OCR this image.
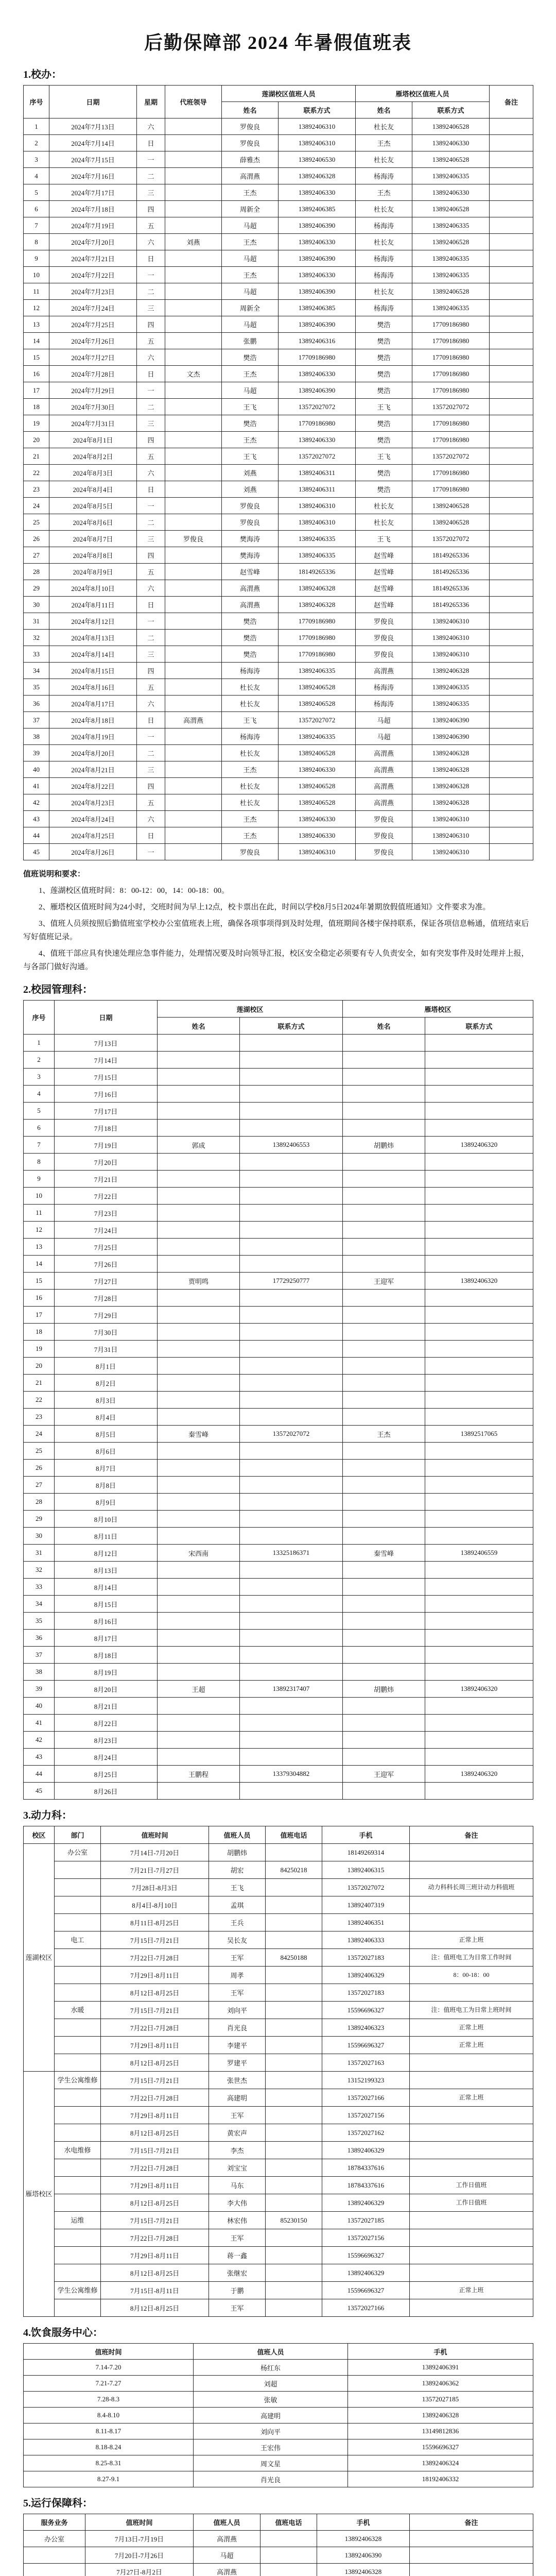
后勤保障部 2024 年暑假值班表
1.校办：
序号	日期	星期	代班领导	莲湖校区值班人员		雁塔校区值班人员		备注
				姓名	联系方式	姓名	联系方式	
1	2024年7月13日	六		罗俊良	13892406310	杜长友	13892406528	
2	2024年7月14日	日		罗俊良	13892406310	王杰	13892406330	
3	2024年7月15日	一		薛雅杰	13892406530	杜长友	13892406528	
4	2024年7月16日	二		高渭燕	13892406328	杨海涛	13892406335	
5	2024年7月17日	三		王杰	13892406330	王杰	13892406330	
6	2024年7月18日	四		周新全	13892406385	杜长友	13892406528	
7	2024年7月19日	五		马超	13892406390	杨海涛	13892406335	
8	2024年7月20日	六	刘燕	王杰	13892406330	杜长友	13892406528	
9	2024年7月21日	日		马超	13892406390	杨海涛	13892406335	
10	2024年7月22日	一		王杰	13892406330	杨海涛	13892406335	
11	2024年7月23日	二		马超	13892406390	杜长友	13892406528	
12	2024年7月24日	三		周新全	13892406385	杨海涛	13892406335	
13	2024年7月25日	四		马超	13892406390	樊浩	17709186980	
14	2024年7月26日	五		张鹏	13892406316	樊浩	17709186980	
15	2024年7月27日	六		樊浩	17709186980	樊浩	17709186980	
16	2024年7月28日	日	文杰	王杰	13892406330	樊浩	17709186980	
17	2024年7月29日	一		马超	13892406390	樊浩	17709186980	
18	2024年7月30日	二		王飞	13572027072	王飞	13572027072	
19	2024年7月31日	三		樊浩	17709186980	樊浩	17709186980	
20	2024年8月1日	四		王杰	13892406330	樊浩	17709186980	
21	2024年8月2日	五		王飞	13572027072	王飞	13572027072	
22	2024年8月3日	六		刘燕	13892406311	樊浩	17709186980	
23	2024年8月4日	日		刘燕	13892406311	樊浩	17709186980	
24	2024年8月5日	一		罗俊良	13892406310	杜长友	13892406528	
25	2024年8月6日	二		罗俊良	13892406310	杜长友	13892406528	
26	2024年8月7日	三	罗俊良	樊海涛	13892406335	王飞	13572027072	
27	2024年8月8日	四		樊海涛	13892406335	赵雪峰	18149265336	
28	2024年8月9日	五		赵雪峰	18149265336	赵雪峰	18149265336	
29	2024年8月10日	六		高渭燕	13892406328	赵雪峰	18149265336	
30	2024年8月11日	日		高渭燕	13892406328	赵雪峰	18149265336	
31	2024年8月12日	一		樊浩	17709186980	罗俊良	13892406310	
32	2024年8月13日	二		樊浩	17709186980	罗俊良	13892406310	
33	2024年8月14日	三		樊浩	17709186980	罗俊良	13892406310	
34	2024年8月15日	四		杨海涛	13892406335	高渭燕	13892406328	
35	2024年8月16日	五		杜长友	13892406528	杨海涛	13892406335	
36	2024年8月17日	六		杜长友	13892406528	杨海涛	13892406335	
37	2024年8月18日	日	高渭燕	王飞	13572027072	马超	13892406390	
38	2024年8月19日	一		杨海涛	13892406335	马超	13892406390	
39	2024年8月20日	二		杜长友	13892406528	高渭燕	13892406328	
40	2024年8月21日	三		王杰	13892406330	高渭燕	13892406328	
41	2024年8月22日	四		杜长友	13892406528	高渭燕	13892406328	
42	2024年8月23日	五		杜长友	13892406528	高渭燕	13892406328	
43	2024年8月24日	六		王杰	13892406330	罗俊良	13892406310	
44	2024年8月25日	日		王杰	13892406330	罗俊良	13892406310	
45	2024年8月26日	一		罗俊良	13892406310	罗俊良	13892406310	
值班说明和要求：
1、莲湖校区值班时间：8：00-12：00，14：00-18：00。
2、雁塔校区值班时间为24小时，交班时间为早上12点，校卡票出在此，时间以学校8月5日2024年暑期放假值班通知》文件要求为准。
3、值班人员须按照后勤值班室学校办公室值班表上班，确保各项事项得到及时处理，值班期间各楼宇保持联系，保证各项信息畅通，值班结束后写好值班记录。
4、值班干部应具有快速处理应急事件能力，处理情况要及时向领导汇报，校区安全稳定必须要有专人负责安全，如有突发事件及时处理并上报，与各部门做好沟通。
2.校园管理科：
序号	日期	莲湖校区		雁塔校区	
		姓名	联系方式	姓名	联系方式
1	7月13日				
2	7月14日				
3	7月15日				
4	7月16日				
5	7月17日				
6	7月18日				
7	7月19日	郭成	13892406553	胡鹏炜	13892406320
8	7月20日				
9	7月21日				
10	7月22日				
11	7月23日				
12	7月24日				
13	7月25日				
14	7月26日				
15	7月27日	贾明鸣	17729250777	王迎军	13892406320
16	7月28日				
17	7月29日				
18	7月30日				
19	7月31日				
20	8月1日				
21	8月2日				
22	8月3日				
23	8月4日				
24	8月5日	秦雪峰	13572027072	王杰	13892517065
25	8月6日				
26	8月7日				
27	8月8日				
28	8月9日				
29	8月10日				
30	8月11日				
31	8月12日	宋西南	13325186371	秦雪峰	13892406559
32	8月13日				
33	8月14日				
34	8月15日				
35	8月16日				
36	8月17日				
37	8月18日				
38	8月19日				
39	8月20日	王超	13892317407	胡鹏炜	13892406320
40	8月21日				
41	8月22日				
42	8月23日				
43	8月24日				
44	8月25日	王鹏程	13379304882	王迎军	13892406320
45	8月26日				
3.动力科：
校区	部门	值班时间	值班人员	值班电话	手机	备注
莲湖校区	办公室	7月14日-7月20日	胡鹏炜		18149269314	
		7月21日-7月27日	胡宏	84250218	13892406315	
		7月28日-8月3日	王飞		13572027072	动力科科长周三班计动力科值班
		8月4日-8月10日	孟琪		13892407319	
		8月11日-8月25日	王兵		13892406351	
	电工	7月15日-7月21日	吴长友		13892406333	正常上班
		7月22日-7月28日	王军	84250188	13572027183	注：值班电工为日常工作时间
		7月29日-8月11日	周孝		13892406329	8：00-18：00
		8月12日-8月25日	王军		13572027183	
	水暖	7月15日-7月21日	刘向平		15596696327	注：值班电工为日常上班时间
		7月22日-7月28日	肖光良		13892406323	正常上班
		7月29日-8月11日	李建平		15596696327	正常上班
		8月12日-8月25日	罗建平		13572027163	
雁塔校区	学生公寓维修	7月15日-7月21日	张世杰		13152199323	
		7月22日-7月28日	高建明		13572027166	正常上班
		7月29日-8月11日	王军		13572027156	
		8月12日-8月25日	黄宏声		13572027162	
	水电维修	7月15日-7月21日	李杰		13892406329	
		7月22日-7月28日	刘宝宝		18784337616	
		7月29日-8月11日	马东		18784337616	工作日值班
		8月12日-8月25日	李大伟		13892406329	工作日值班
	运维	7月15日-7月21日	林宏伟	85230150	13572027185	
		7月22日-7月28日	王军		13572027156	
		7月29日-8月11日	蒋一鑫		15596696327	
		8月12日-8月25日	张继宏		13892406329	
	学生公寓维修	7月15日-8月11日	于鹏		15596696327	正常上班
		8月12日-8月25日	王军		13572027166	
4.饮食服务中心：
值班时间	值班人员	手机
7.14-7.20	杨红东	13892406391
7.21-7.27	刘超	13892406362
7.28-8.3	张敏	13572027185
8.4-8.10	高建明	13892406328
8.11-8.17	刘向平	13149812836
8.18-8.24	王宏伟	15596696327
8.25-8.31	周文星	13892406324
8.27-9.1	肖光良	18192406332
5.运行保障科：
服务业务	值班时间	值班人员	值班电话	手机	备注
办公室	7月13日-7月19日	高渭燕		13892406328	
	7月20日-7月26日	马超		13892406390	
	7月27日-8月2日	高渭燕		13892406328	
